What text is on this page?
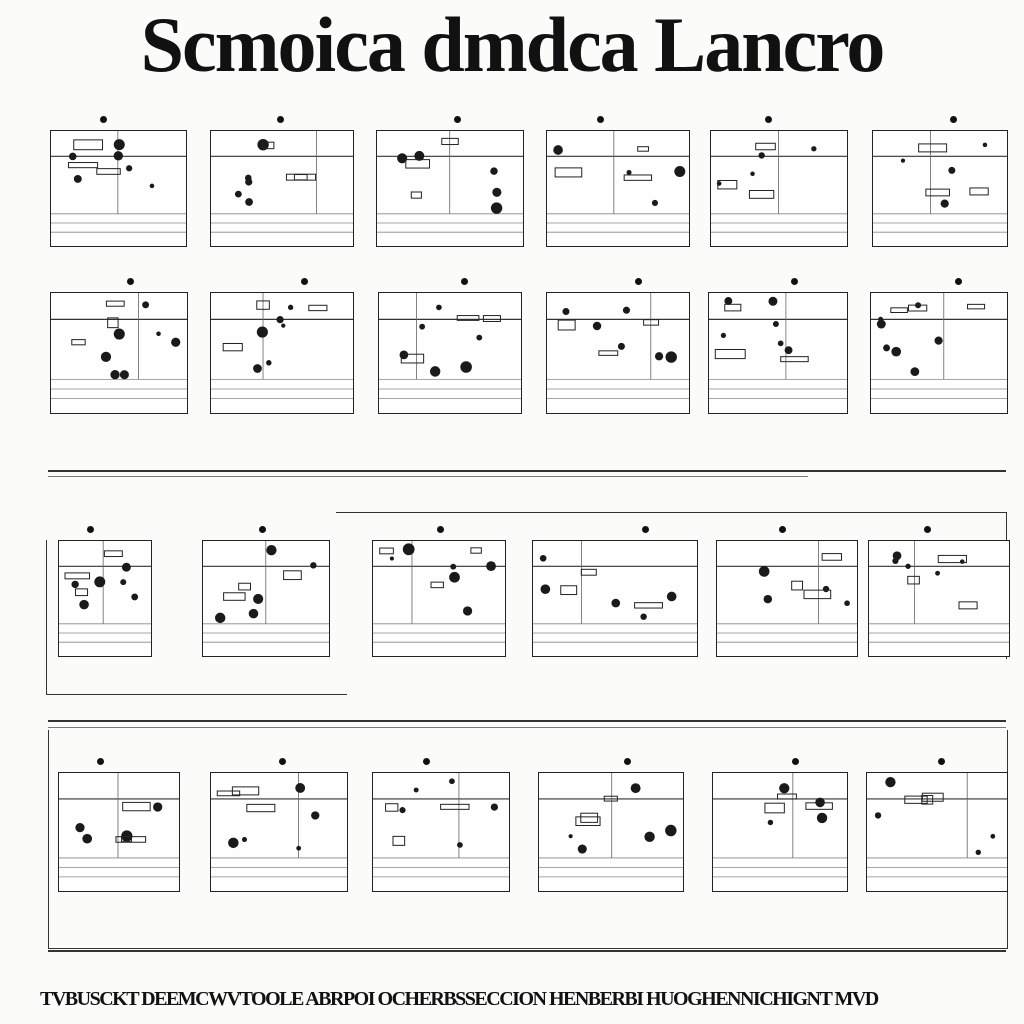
Scmoica dmdca Lancro
TVBUSCKT DEEMCWVTOOLE ABRPOI OCHERBSSECCION HENBERBI HUOGHENNICHIGNT MVD
